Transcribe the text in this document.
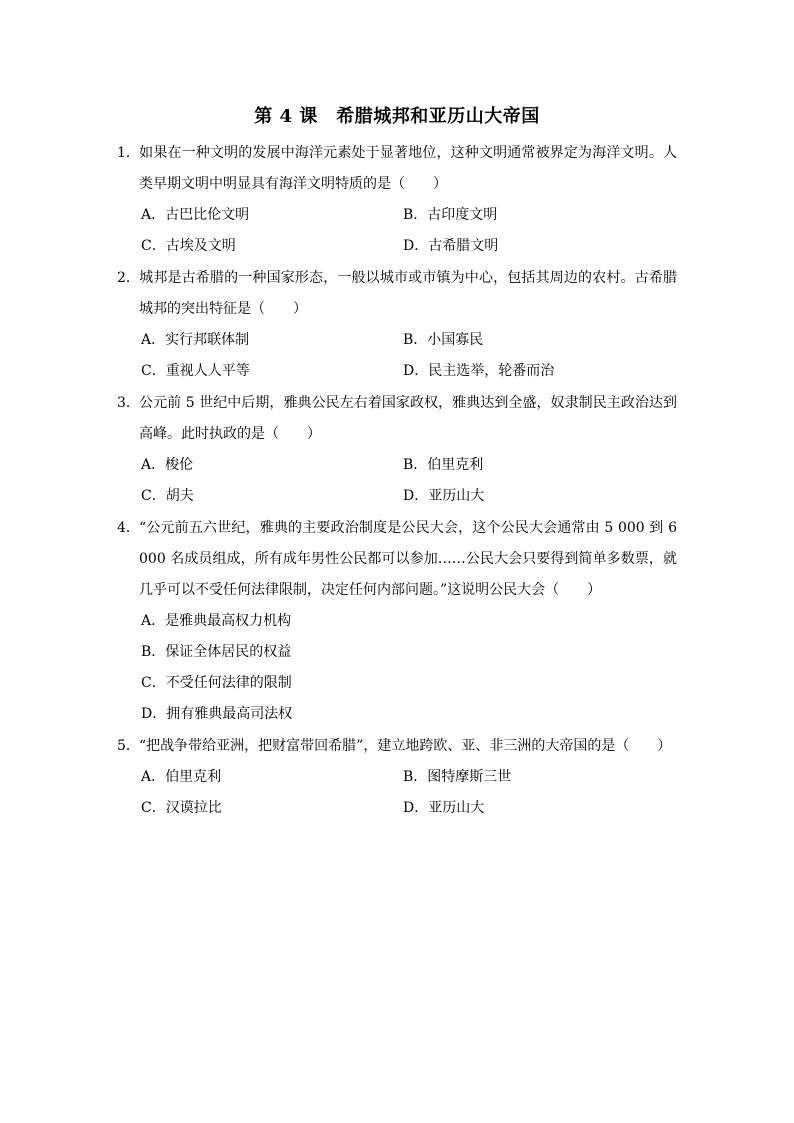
第 4 课　希腊城邦和亚历山大帝国
1．如果在一种文明的发展中海洋元素处于显著地位，这种文明通常被界定为海洋文明。人类早期文明中明显具有海洋文明特质的是（　　）
A．古巴比伦文明	B．古印度文明
C．古埃及文明	D．古希腊文明
2．城邦是古希腊的一种国家形态，一般以城市或市镇为中心，包括其周边的农村。古希腊城邦的突出特征是（　　）
A．实行邦联体制	B．小国寡民
C．重视人人平等	D．民主选举，轮番而治
3．公元前 5 世纪中后期，雅典公民左右着国家政权，雅典达到全盛，奴隶制民主政治达到高峰。此时执政的是（　　）
A．梭伦	B．伯里克利
C．胡夫	D．亚历山大
4．“公元前五六世纪，雅典的主要政治制度是公民大会，这个公民大会通常由 5 000 到 6 000 名成员组成，所有成年男性公民都可以参加……公民大会只要得到简单多数票，就几乎可以不受任何法律限制，决定任何内部问题。”这说明公民大会（　　）
A．是雅典最高权力机构
B．保证全体居民的权益
C．不受任何法律的限制
D．拥有雅典最高司法权
5．“把战争带给亚洲，把财富带回希腊”，建立地跨欧、亚、非三洲的大帝国的是（　　）
A．伯里克利	B．图特摩斯三世
C．汉谟拉比	D．亚历山大
